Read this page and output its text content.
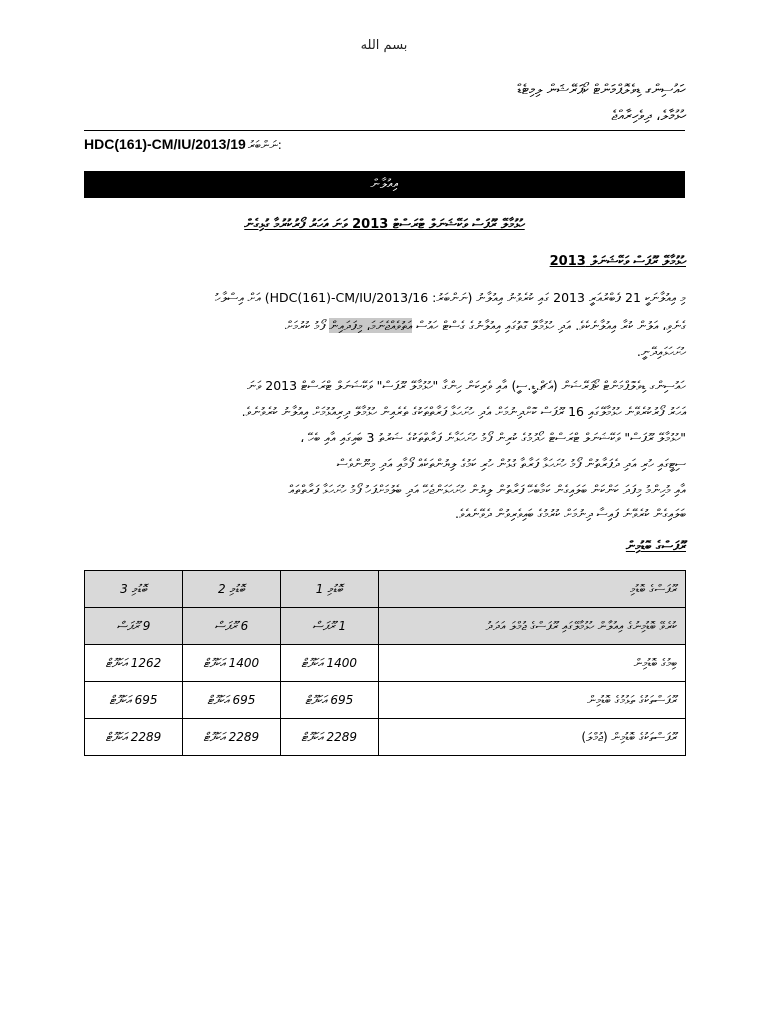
بسم الله
ހައުސިންގ ޑިވެލޮޕްމަންޓް ކޯޕަރޭޝަން ލިމިޓެޑް
ހުޅުމާލެ، ދިވެހިރާއްޖެ
HDC(161)-CM/IU/2013/19 ނަންބަރު:
އިއުލާން
ހުޅުމާލޭ ރޫފަސް ވަކޭޝަނަލް ޓްރަސްޓް 2013 ވަނަ އަހަރު ފޯރުކުރުމާ ގުޅިގެން
ހުޅުމާލޭ ރޫފަސް ވަކޭޝަނަލް 2013
މި އިއުލާނަކީ 21 ފެބްރުއަރީ 2013 ގައި ކުރެވުނު އިއުލާނު (ނަންބަރު: HDC(161)-CM/IU/2013/16) އަށް އިސްލާހު
ގެނެވި، އަލުން ކުރާ އިއުލާނެކެވެ. އަދި ހުޅުމާލޭ ގޮތުގައި އިއުލާނުގެ ގެސްޓް ހައުސް އަތުވެއްޖެނަމަ، މިފަދައިން ފޯމު ކުރުމަށް
ހުށަހަޅައިދޭނީ.
ހައުސިންގ ޑިވެލޮޕްމަންޓް ކޯޕަރޭޝަން (އެޗް.ޑީ.ސީ) އާއި ވެރިކަން ހިންގާ "ހުޅުމާލޭ ރޫފަސް" ވަކޭޝަނަލް ޓްރަސްޓް 2013 ވަނަ
އަހަރު ފޯރުކުރެވޭނެ ހުޅުމާލޭގައި 16 ރޫފަސް ކޮށްދިނުމަށް އެދި ހުށަހަޅާ ފަރާތްތަކުގެ ތެރެއިން ހުޅުމާލޭ ދިރިއުޅުމަށް އިއުލާނު ކުރެވުނެވެ.
"ހުޅުމާލޭ ރޫފަސް" ވަކޭޝަނަލް ޓްރަސްޓް ހޯދުމުގެ ކުރިން ފޯމު ހުށަހަޅާނެ ފަރާތްތަކުގެ ޝަރުތު 3 ބައިގައި އާއި ބެހޭ ،
ސިޓީގައި ހުރި އަދި ދެފަރާތުން ފޯމު ހުށަހަޅާ ފަރާތާ ގުޅުން ހުރި ކަމުގެ ލިޔުންތަކެއް ފޯމާއި އަދި މިނޫންވެސް
އާއި މުހިންމު މިފަދަ ކަންކަން ބަލައިގެން ކަމާބެހޭ ފަރާތުން ލިޔުން ހުށަހަޅަންޖެހޭ އަދި ބެލުމަށްފަހު ފޯމު ހުށަހަޅާ ފަރާތްތައް
ބަލައިގެން ކުރެވޭނެ ފައިސާ ދިނުމަށް ކުރުމުގެ ބައިވެރިވުން ދެވޭނެއެވެ.
ރޫފަސްގެ ބޮޑުމިން
ރޫފަސްގެ ބޮޑުމި	ބޮޑުމި 1	ބޮޑުމި 2	ބޮޑުމި 3
ކުރެވޭ ބޮޑުމިނުގެ އިއުލާން ހުޅުމާލޭގައި ރޫފަސްގެ ޖުމްލަ އަދަދު	1 ރޫފަސް	6 ރޫފަސް	9 ރޫފަސް
ބިމުގެ ބޮޑުމިން	1400 އަކަފޫޓް	1400 އަކަފޫޓް	1262 އަކަފޫޓް
ރޫފަސްތަކުގެ ތަޅުމުގެ ބޮޑުމިން	695 އަކަފޫޓް	695 އަކަފޫޓް	695 އަކަފޫޓް
ރޫފަސްތަކުގެ ބޮޑުމިން (ޖުމްލަ)	2289 އަކަފޫޓް	2289 އަކަފޫޓް	2289 އަކަފޫޓް
